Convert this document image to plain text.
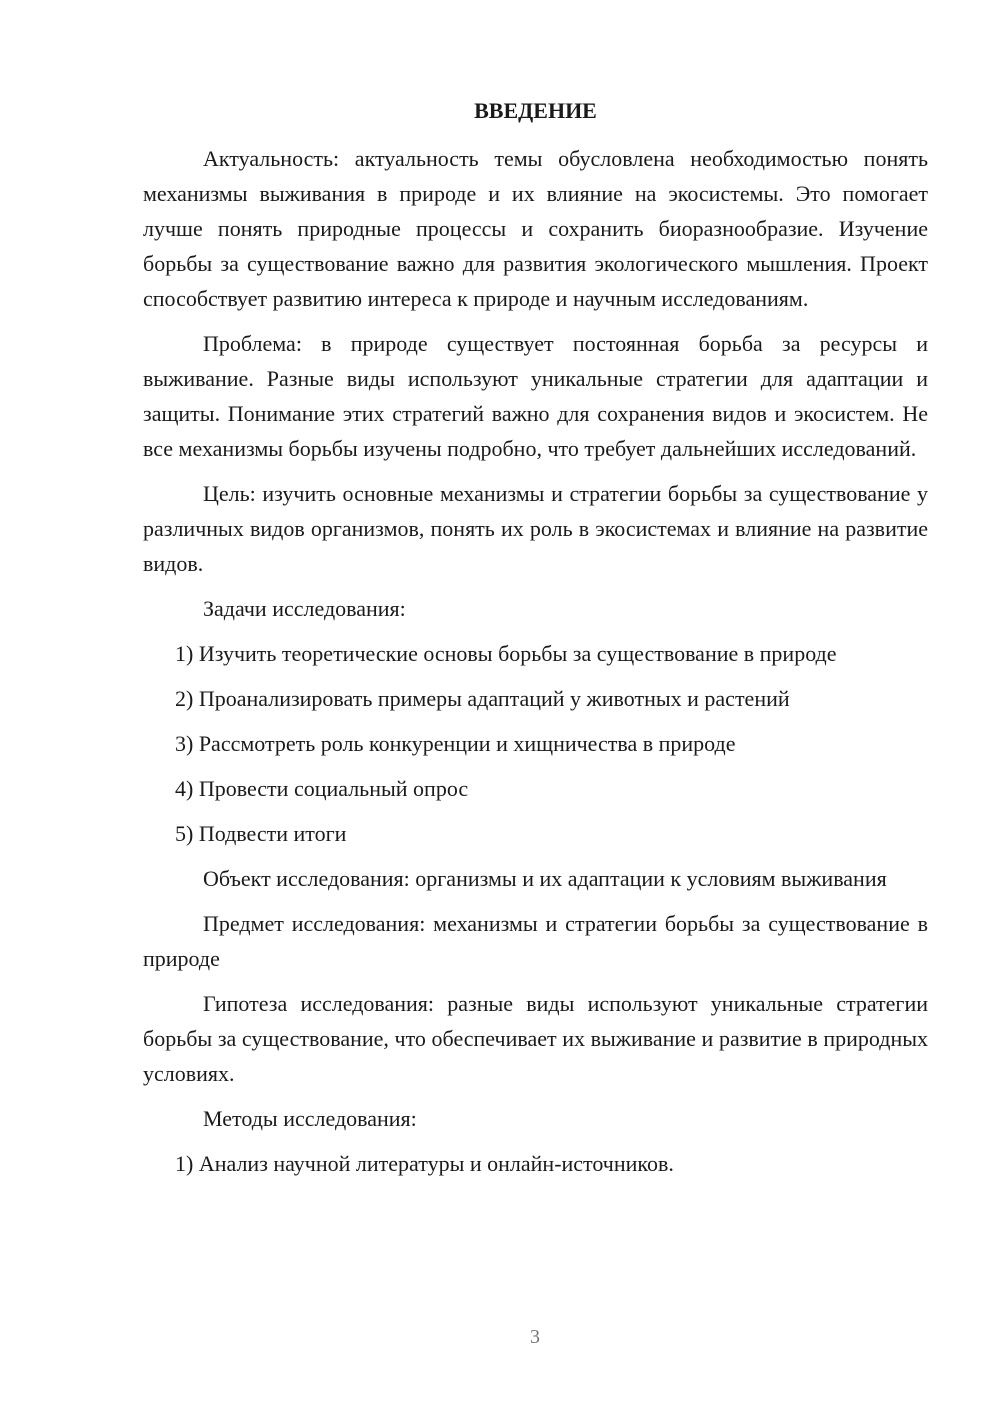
ВВЕДЕНИЕ

Актуальность: актуальность темы обусловлена необходимостью понять механизмы выживания в природе и их влияние на экосистемы. Это помогает лучше понять природные процессы и сохранить биоразнообразие. Изучение борьбы за существование важно для развития экологического мышления. Проект способствует развитию интереса к природе и научным исследованиям.

Проблема: в природе существует постоянная борьба за ресурсы и выживание. Разные виды используют уникальные стратегии для адаптации и защиты. Понимание этих стратегий важно для сохранения видов и экосистем. Не все механизмы борьбы изучены подробно, что требует дальнейших исследований.

Цель: изучить основные механизмы и стратегии борьбы за существование у различных видов организмов, понять их роль в экосистемах и влияние на развитие видов.

Задачи исследования:

1) Изучить теоретические основы борьбы за существование в природе
2) Проанализировать примеры адаптаций у животных и растений
3) Рассмотреть роль конкуренции и хищничества в природе
4) Провести социальный опрос
5) Подвести итоги

Объект исследования: организмы и их адаптации к условиям выживания

Предмет исследования: механизмы и стратегии борьбы за существование в природе

Гипотеза исследования: разные виды используют уникальные стратегии борьбы за существование, что обеспечивает их выживание и развитие в природных условиях.

Методы исследования:

1) Анализ научной литературы и онлайн-источников.
3
